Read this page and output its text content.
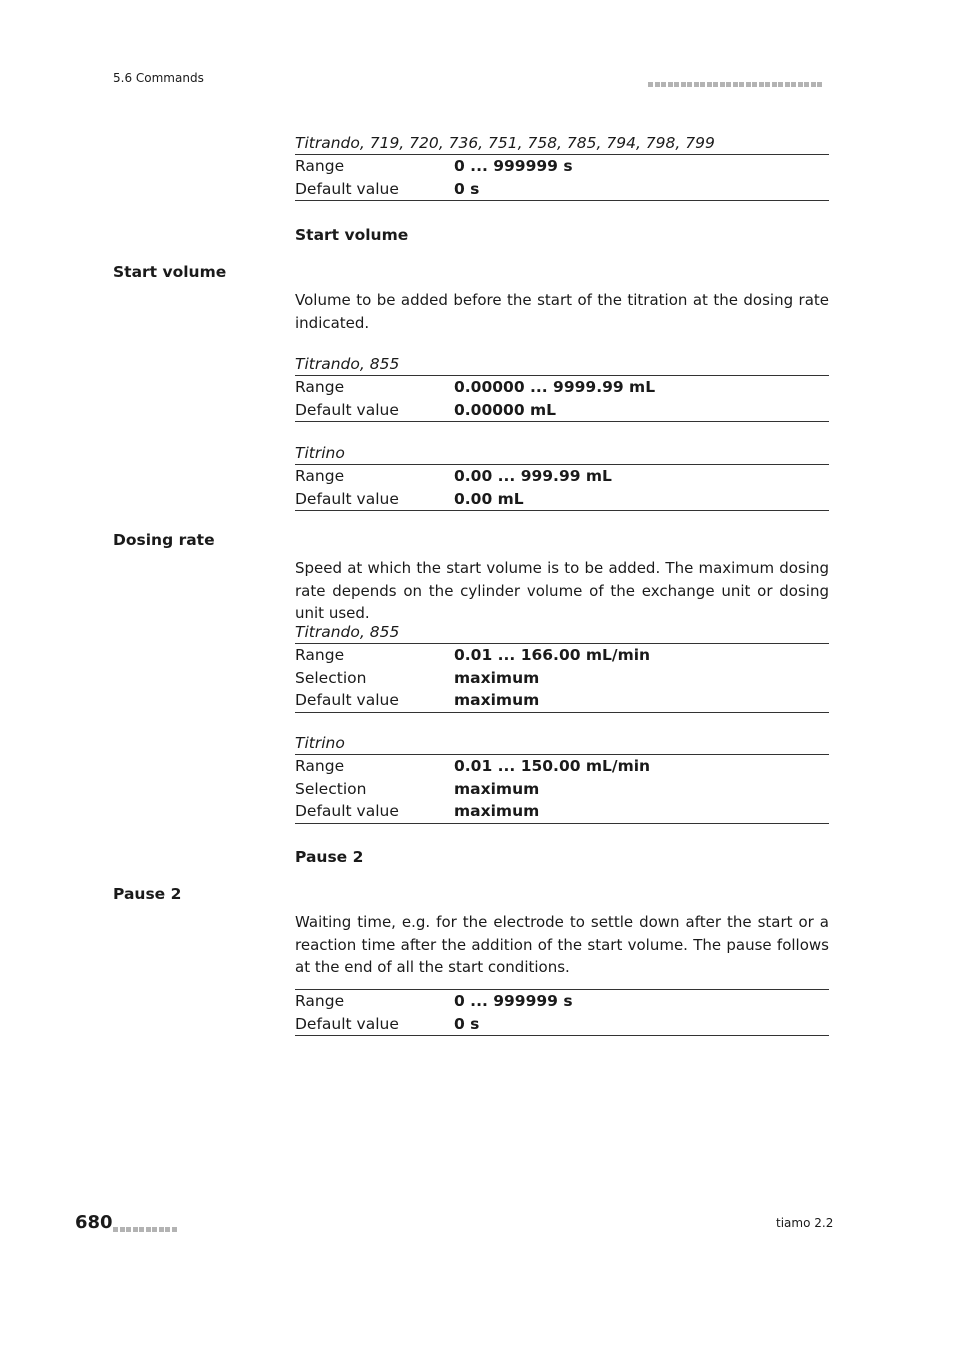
5.6 Commands
Titrando, 719, 720, 736, 751, 758, 785, 794, 798, 799
Range	0 ... 999999 s
Default value	0 s
Start volume
Start volume
Volume to be added before the start of the titration at the dosing rate indicated.
Titrando, 855
Range	0.00000 ... 9999.99 mL
Default value	0.00000 mL
Titrino
Range	0.00 ... 999.99 mL
Default value	0.00 mL
Dosing rate
Speed at which the start volume is to be added. The maximum dosing rate depends on the cylinder volume of the exchange unit or dosing unit used.
Titrando, 855
Range	0.01 ... 166.00 mL/min
Selection	maximum
Default value	maximum
Titrino
Range	0.01 ... 150.00 mL/min
Selection	maximum
Default value	maximum
Pause 2
Pause 2
Waiting time, e.g. for the electrode to settle down after the start or a reaction time after the addition of the start volume. The pause follows at the end of all the start conditions.
Range	0 ... 999999 s
Default value	0 s
680	tiamo 2.2
